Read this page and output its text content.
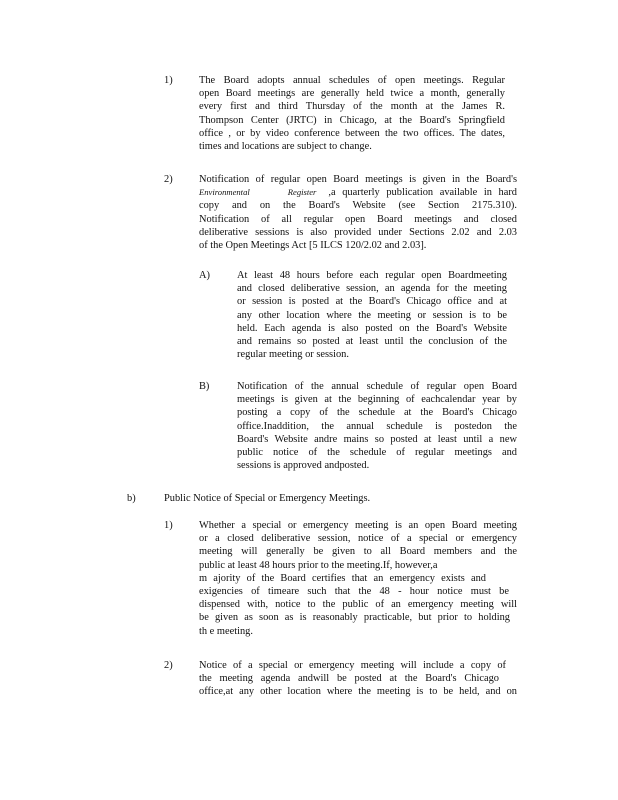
1)	The Board adopts annual schedules of open meetings. Regular
open Board meetings are generally held twice a month, generally
every first and third Thursday of the month at the James R.
Thompson Center (JRTC) in Chicago, at the Board's Springfield
office , or by video conference between the two offices. The dates,
times and locations are subject to change.
2)	Notification of regular open Board meetings is given in the Board's
Environmental	Register ,a quarterly publication available in hard
copy and on the Board's Website (see Section 2175.310).
Notification of all regular open Board meetings and closed
deliberative sessions is also provided under Sections 2.02 and 2.03
of the Open Meetings Act [5 ILCS 120/2.02 and 2.03].
A)	At least 48 hours before each regular open Boardmeeting
and closed deliberative session, an agenda for the meeting
or session is posted at the Board's Chicago office and at
any other location where the meeting or session is to be
held. Each agenda is also posted on the Board's Website
and remains so posted at least until the conclusion of the
regular meeting or session.
B)	Notification of the annual schedule of regular open Board
meetings is given at the beginning of eachcalendar year by
posting a copy of the schedule at the Board's Chicago
office.Inaddition, the annual schedule is postedon the
Board's Website andre mains so posted at least until a new
public notice of the schedule of regular meetings and
sessions is approved andposted.
b)	Public Notice of Special or Emergency Meetings.
1)	Whether a special or emergency meeting is an open Board meeting
or a closed deliberative session, notice of a special or emergency
meeting will generally be given to all Board members and the
public at least 48 hours prior to the meeting.If, however,a
m ajority of the Board certifies that an emergency exists and
exigencies of timeare such that the 48 - hour notice must be
dispensed with, notice to the public of an emergency meeting will
be given as soon as is reasonably practicable, but prior to holding
th e meeting.
2)	Notice of a special or emergency meeting will include a copy of
the meeting agenda andwill be posted at the Board's Chicago
office,at any other location where the meeting is to be held, and on
